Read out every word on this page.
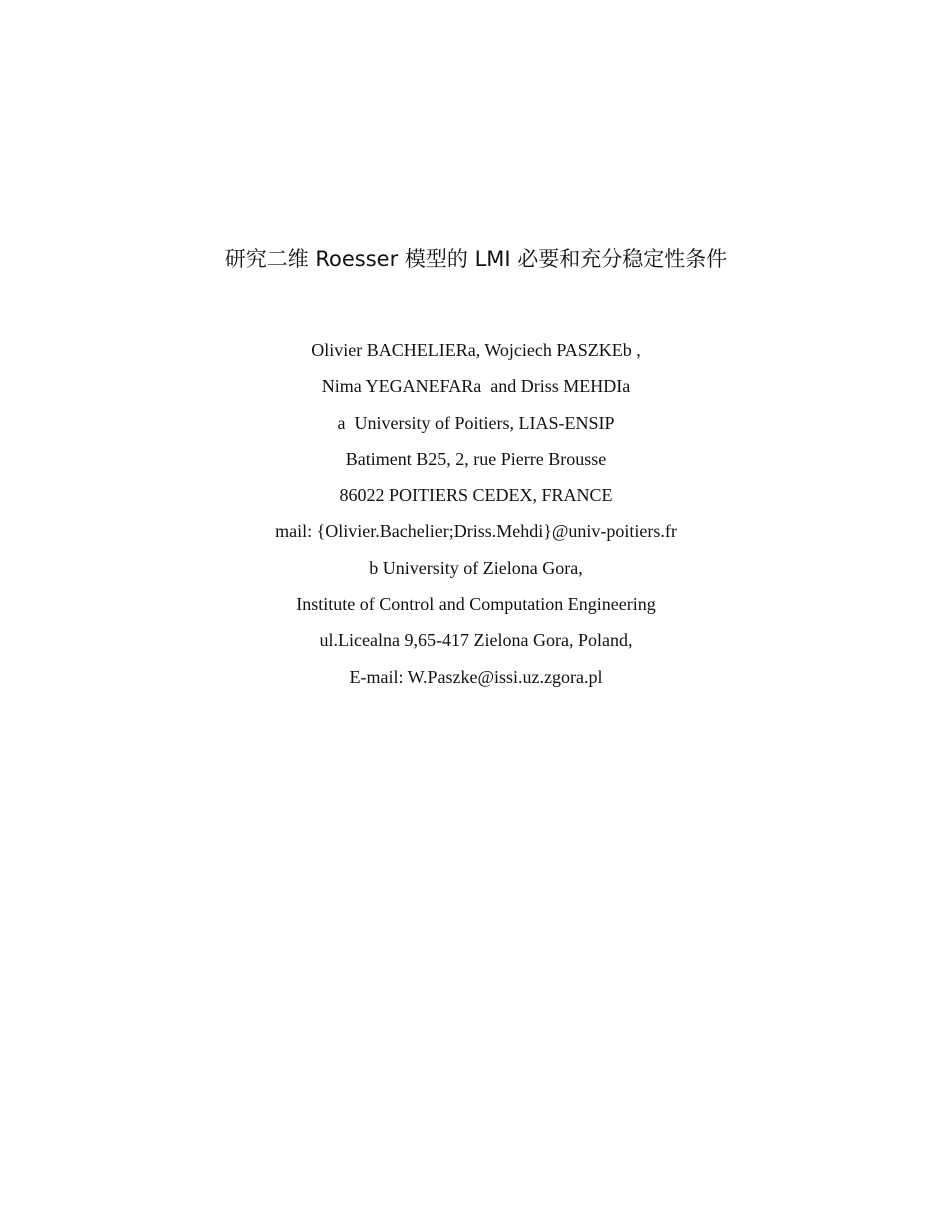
研究二维 Roesser 模型的 LMI 必要和充分稳定性条件
Olivier BACHELIERa, Wojciech PASZKEb ,
Nima YEGANEFARa  and Driss MEHDIa
a  University of Poitiers, LIAS-ENSIP
Batiment B25, 2, rue Pierre Brousse
86022 POITIERS CEDEX, FRANCE
mail: {Olivier.Bachelier;Driss.Mehdi}@univ-poitiers.fr
b University of Zielona Gora,
Institute of Control and Computation Engineering
ul.Licealna 9,65-417 Zielona Gora, Poland,
E-mail: W.Paszke@issi.uz.zgora.pl
